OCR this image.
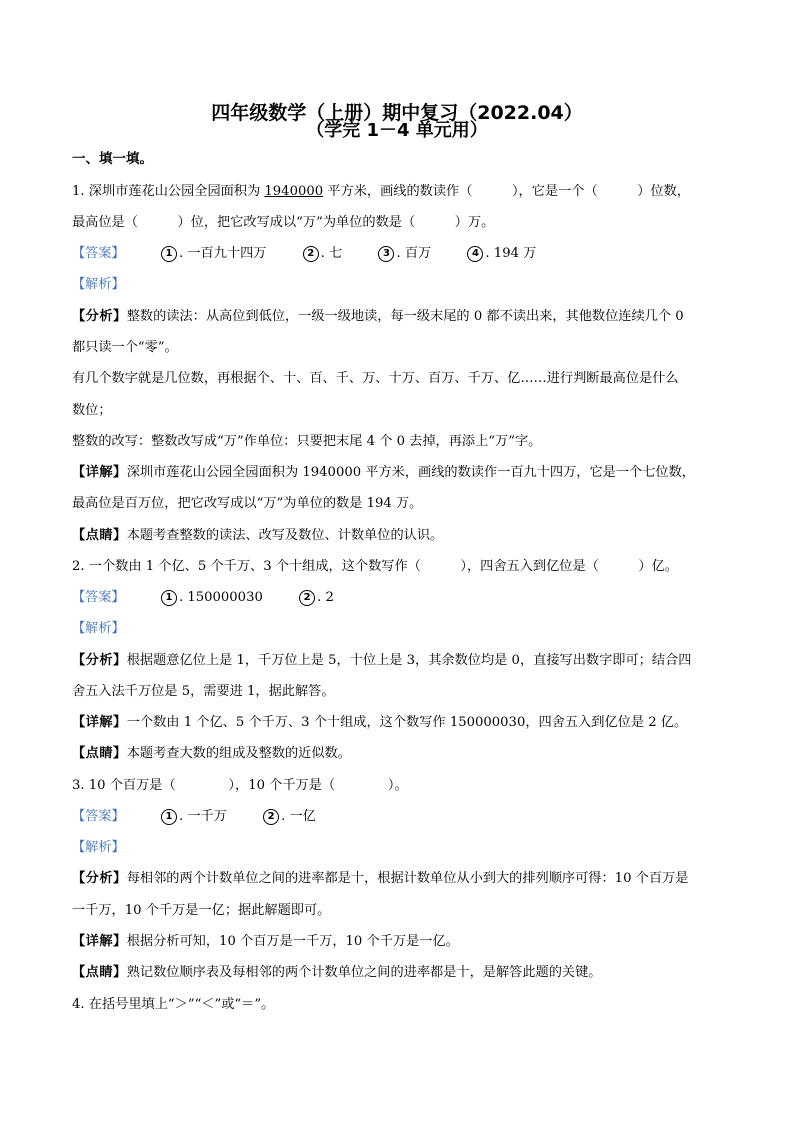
四年级数学（上册）期中复习（2022.04）
（学完 1－4 单元用）
一、填一填。
1. 深圳市莲花山公园全园面积为 1940000 平方米，画线的数读作（　　　），它是一个（　　　）位数，
最高位是（　　　）位，把它改写成以“万”为单位的数是（　　　）万。
【答案】	1 . 一百九十四万	2 . 七	3 . 百万	4 . 194 万
【解析】
【分析】整数的读法：从高位到低位，一级一级地读，每一级末尾的 0 都不读出来，其他数位连续几个 0
都只读一个“零”。
有几个数字就是几位数，再根据个、十、百、千、万、十万、百万、千万、亿……进行判断最高位是什么
数位；
整数的改写：整数改写成“万”作单位：只要把末尾 4 个 0 去掉，再添上“万”字。
【详解】深圳市莲花山公园全园面积为 1940000 平方米，画线的数读作一百九十四万，它是一个七位数，
最高位是百万位，把它改写成以“万”为单位的数是 194 万。
【点睛】本题考查整数的读法、改写及数位、计数单位的认识。
2. 一个数由 1 个亿、5 个千万、3 个十组成，这个数写作（　　　），四舍五入到亿位是（　　　）亿。
【答案】	1 . 150000030	2 . 2
【解析】
【分析】根据题意亿位上是 1，千万位上是 5，十位上是 3，其余数位均是 0，直接写出数字即可；结合四
舍五入法千万位是 5，需要进 1，据此解答。
【详解】一个数由 1 个亿、5 个千万、3 个十组成，这个数写作 150000030，四舍五入到亿位是 2 亿。
【点睛】本题考查大数的组成及整数的近似数。
3. 10 个百万是（　　　　），10 个千万是（　　　　）。
【答案】	1 . 一千万	2 . 一亿
【解析】
【分析】每相邻的两个计数单位之间的进率都是十，根据计数单位从小到大的排列顺序可得：10 个百万是
一千万，10 个千万是一亿；据此解题即可。
【详解】根据分析可知，10 个百万是一千万，10 个千万是一亿。
【点睛】熟记数位顺序表及每相邻的两个计数单位之间的进率都是十，是解答此题的关键。
4. 在括号里填上“＞”“＜”或“＝”。
